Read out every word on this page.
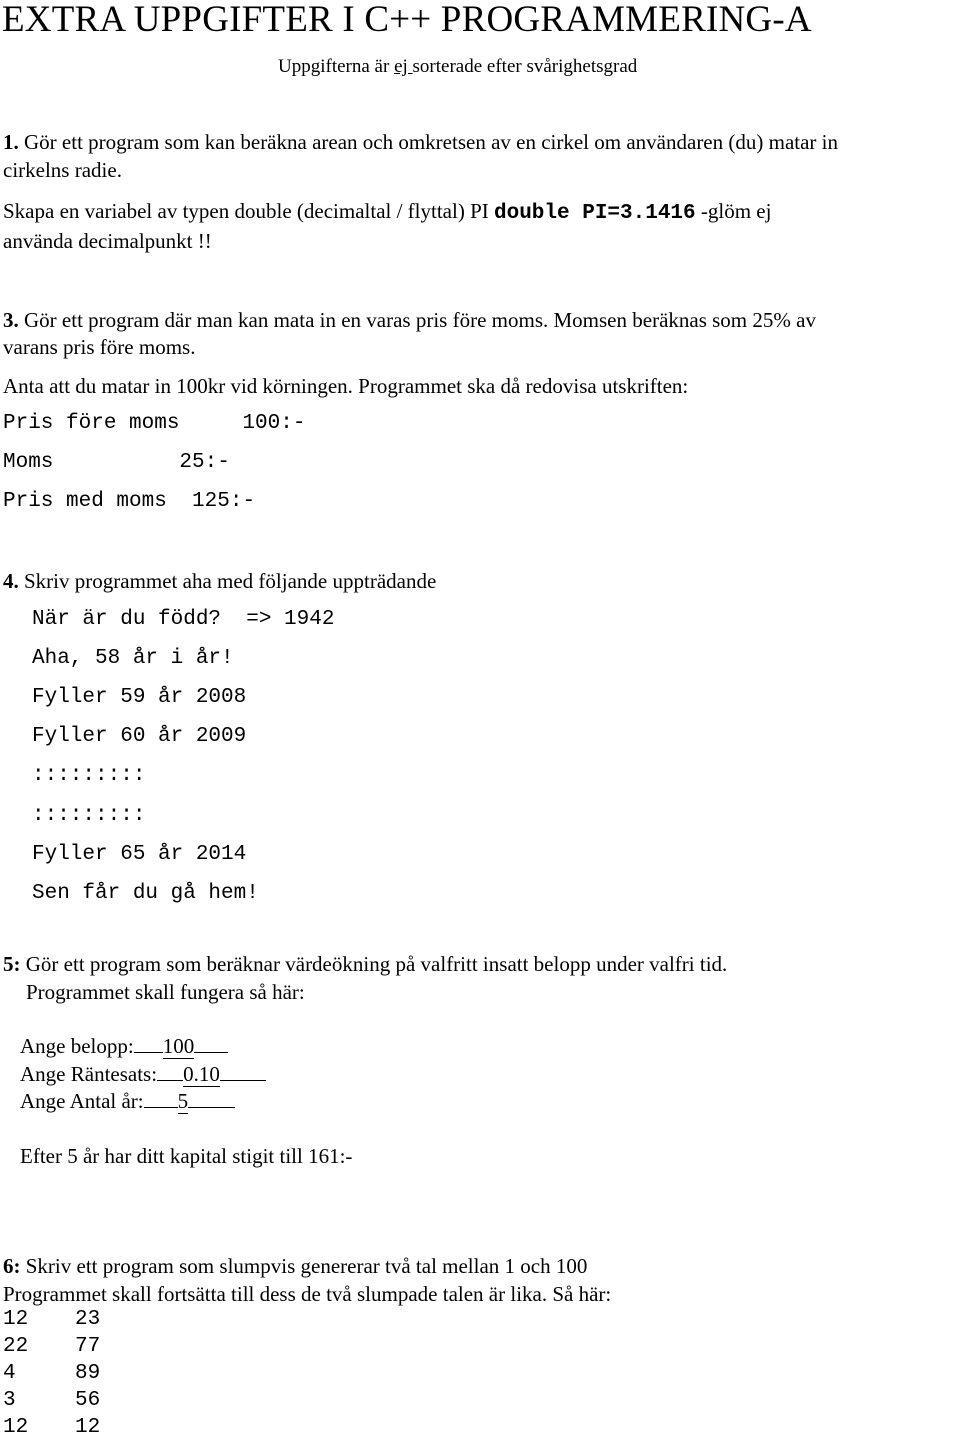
EXTRA UPPGIFTER I C++ PROGRAMMERING-A
Uppgifterna är ej sorterade efter svårighetsgrad
1. Gör ett program som kan beräkna arean och omkretsen av en cirkel om användaren (du) matar in
cirkelns radie.
Skapa en variabel av typen double (decimaltal / flyttal) PI double PI=3.1416 -glöm ej
använda decimalpunkt !!
3. Gör ett program där man kan mata in en varas pris före moms. Momsen beräknas som 25% av
varans pris före moms.
Anta att du matar in 100kr vid körningen. Programmet ska då redovisa utskriften:
Pris före moms     100:-
Moms          25:-
Pris med moms  125:-
4. Skriv programmet aha med följande uppträdande
När är du född?  => 1942
Aha, 58 år i år!
Fyller 59 år 2008
Fyller 60 år 2009
:::::::::
:::::::::
Fyller 65 år 2014
Sen får du gå hem!
5: Gör ett program som beräknar värdeökning på valfritt insatt belopp under valfri tid.
Programmet skall fungera så här:
Ange belopp: 100
Ange Räntesats: 0.10
Ange Antal år: 5
Efter 5 år har ditt kapital stigit till 161:-
6: Skriv ett program som slumpvis genererar två tal mellan 1 och 100
Programmet skall fortsätta till dess de två slumpade talen är lika. Så här:
12 23
22 77
4	89
3	56
12 12
